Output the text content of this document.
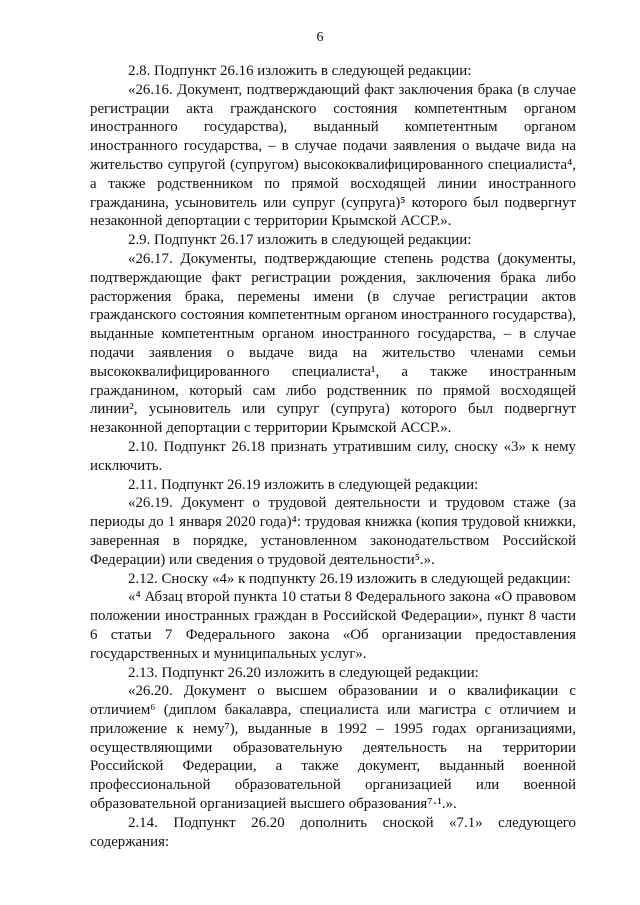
6

2.8. Подпункт 26.16 изложить в следующей редакции:

«26.16. Документ, подтверждающий факт заключения брака (в случае регистрации акта гражданского состояния компетентным органом иностранного государства), выданный компетентным органом иностранного государства, – в случае подачи заявления о выдаче вида на жительство супругой (супругом) высококвалифицированного специалиста⁴, а также родственником по прямой восходящей линии иностранного гражданина, усыновитель или супруг (супруга)⁵ которого был подвергнут незаконной депортации с территории Крымской АССР.».

2.9. Подпункт 26.17 изложить в следующей редакции:

«26.17. Документы, подтверждающие степень родства (документы, подтверждающие факт регистрации рождения, заключения брака либо расторжения брака, перемены имени (в случае регистрации актов гражданского состояния компетентным органом иностранного государства), выданные компетентным органом иностранного государства, – в случае подачи заявления о выдаче вида на жительство членами семьи высококвалифицированного специалиста¹, а также иностранным гражданином, который сам либо родственник по прямой восходящей линии², усыновитель или супруг (супруга) которого был подвергнут незаконной депортации с территории Крымской АССР.».

2.10. Подпункт 26.18 признать утратившим силу, сноску «3» к нему исключить.

2.11. Подпункт 26.19 изложить в следующей редакции:

«26.19. Документ о трудовой деятельности и трудовом стаже (за периоды до 1 января 2020 года)⁴: трудовая книжка (копия трудовой книжки, заверенная в порядке, установленном законодательством Российской Федерации) или сведения о трудовой деятельности⁵.».

2.12. Сноску «4» к подпункту 26.19 изложить в следующей редакции:

«⁴ Абзац второй пункта 10 статьи 8 Федерального закона «О правовом положении иностранных граждан в Российской Федерации», пункт 8 части 6 статьи 7 Федерального закона «Об организации предоставления государственных и муниципальных услуг».

2.13. Подпункт 26.20 изложить в следующей редакции:

«26.20. Документ о высшем образовании и о квалификации с отличием⁶ (диплом бакалавра, специалиста или магистра с отличием и приложение к нему⁷), выданные в 1992 – 1995 годах организациями, осуществляющими образовательную деятельность на территории Российской Федерации, а также документ, выданный военной профессиональной образовательной организацией или военной образовательной организацией высшего образования⁷·¹.».

2.14. Подпункт 26.20 дополнить сноской «7.1» следующего содержания:
